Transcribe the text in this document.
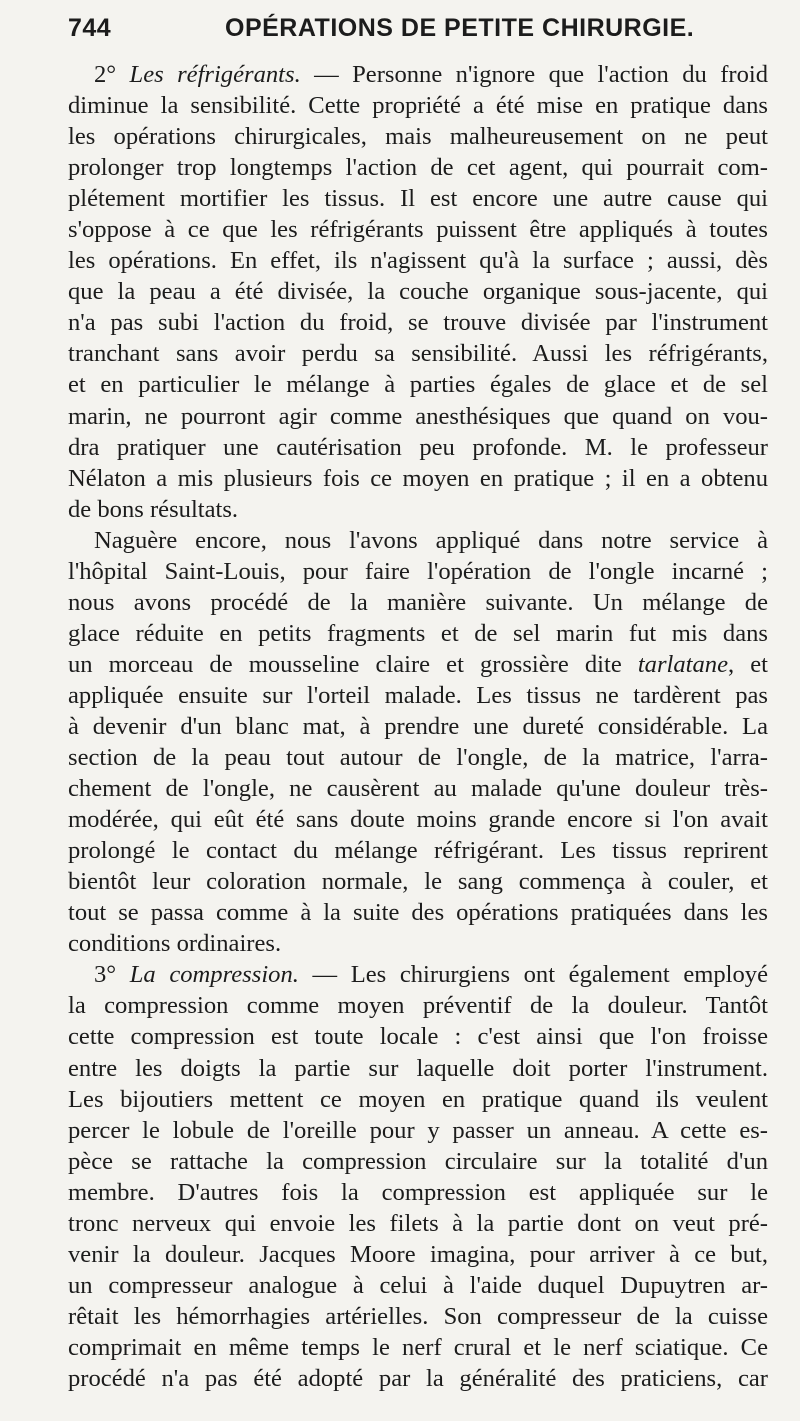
744	OPÉRATIONS DE PETITE CHIRURGIE.
2° Les réfrigérants. — Personne n'ignore que l'action du froid
diminue la sensibilité. Cette propriété a été mise en pratique dans
les opérations chirurgicales, mais malheureusement on ne peut
prolonger trop longtemps l'action de cet agent, qui pourrait com-
plétement mortifier les tissus. Il est encore une autre cause qui
s'oppose à ce que les réfrigérants puissent être appliqués à toutes
les opérations. En effet, ils n'agissent qu'à la surface ; aussi, dès
que la peau a été divisée, la couche organique sous-jacente, qui
n'a pas subi l'action du froid, se trouve divisée par l'instrument
tranchant sans avoir perdu sa sensibilité. Aussi les réfrigérants,
et en particulier le mélange à parties égales de glace et de sel
marin, ne pourront agir comme anesthésiques que quand on vou-
dra pratiquer une cautérisation peu profonde. M. le professeur
Nélaton a mis plusieurs fois ce moyen en pratique ; il en a obtenu
de bons résultats.
Naguère encore, nous l'avons appliqué dans notre service à
l'hôpital Saint-Louis, pour faire l'opération de l'ongle incarné ;
nous avons procédé de la manière suivante. Un mélange de
glace réduite en petits fragments et de sel marin fut mis dans
un morceau de mousseline claire et grossière dite tarlatane, et
appliquée ensuite sur l'orteil malade. Les tissus ne tardèrent pas
à devenir d'un blanc mat, à prendre une dureté considérable. La
section de la peau tout autour de l'ongle, de la matrice, l'arra-
chement de l'ongle, ne causèrent au malade qu'une douleur très-
modérée, qui eût été sans doute moins grande encore si l'on avait
prolongé le contact du mélange réfrigérant. Les tissus reprirent
bientôt leur coloration normale, le sang commença à couler, et
tout se passa comme à la suite des opérations pratiquées dans les
conditions ordinaires.
3° La compression. — Les chirurgiens ont également employé
la compression comme moyen préventif de la douleur. Tantôt
cette compression est toute locale : c'est ainsi que l'on froisse
entre les doigts la partie sur laquelle doit porter l'instrument.
Les bijoutiers mettent ce moyen en pratique quand ils veulent
percer le lobule de l'oreille pour y passer un anneau. A cette es-
pèce se rattache la compression circulaire sur la totalité d'un
membre. D'autres fois la compression est appliquée sur le
tronc nerveux qui envoie les filets à la partie dont on veut pré-
venir la douleur. Jacques Moore imagina, pour arriver à ce but,
un compresseur analogue à celui à l'aide duquel Dupuytren ar-
rêtait les hémorrhagies artérielles. Son compresseur de la cuisse
comprimait en même temps le nerf crural et le nerf sciatique. Ce
procédé n'a pas été adopté par la généralité des praticiens, car
